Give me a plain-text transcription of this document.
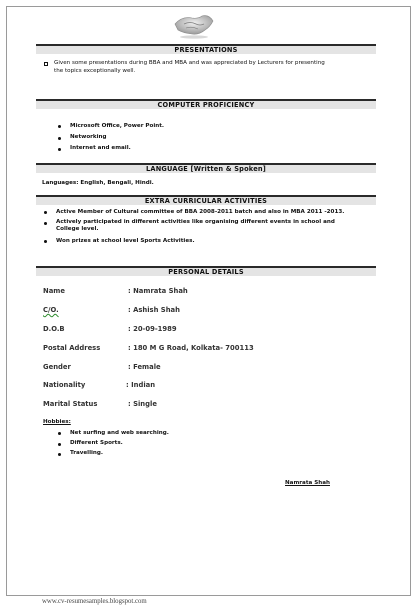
PRESENTATIONS
Given some presentations during BBA and MBA and was appreciated by Lecturers for presenting
the topics exceptionally well.
COMPUTER PROFICIENCY
Microsoft Office, Power Point.
Networking
Internet and email.
LANGUAGE [Written & Spoken]
Languages: English, Bengali, Hindi.
EXTRA CURRICULAR ACTIVITIES
Active Member of Cultural committee of BBA 2008-2011 batch and also in MBA 2011 -2013.
Actively participated in different activities like organising different events in school and
College level.
Won prizes at school level Sports Activities.
PERSONAL DETAILS
Name	: Namrata Shah
C/O.	: Ashish Shah
D.O.B	: 20-09-1989
Postal Address	: 180 M G Road, Kolkata- 700113
Gender	: Female
Nationality	: Indian
Marital Status	: Single
Hobbies:
Net surfing and web searching.
Different Sports.
Travelling.
Namrata Shah
www.cv-resumesamples.blogspot.com
